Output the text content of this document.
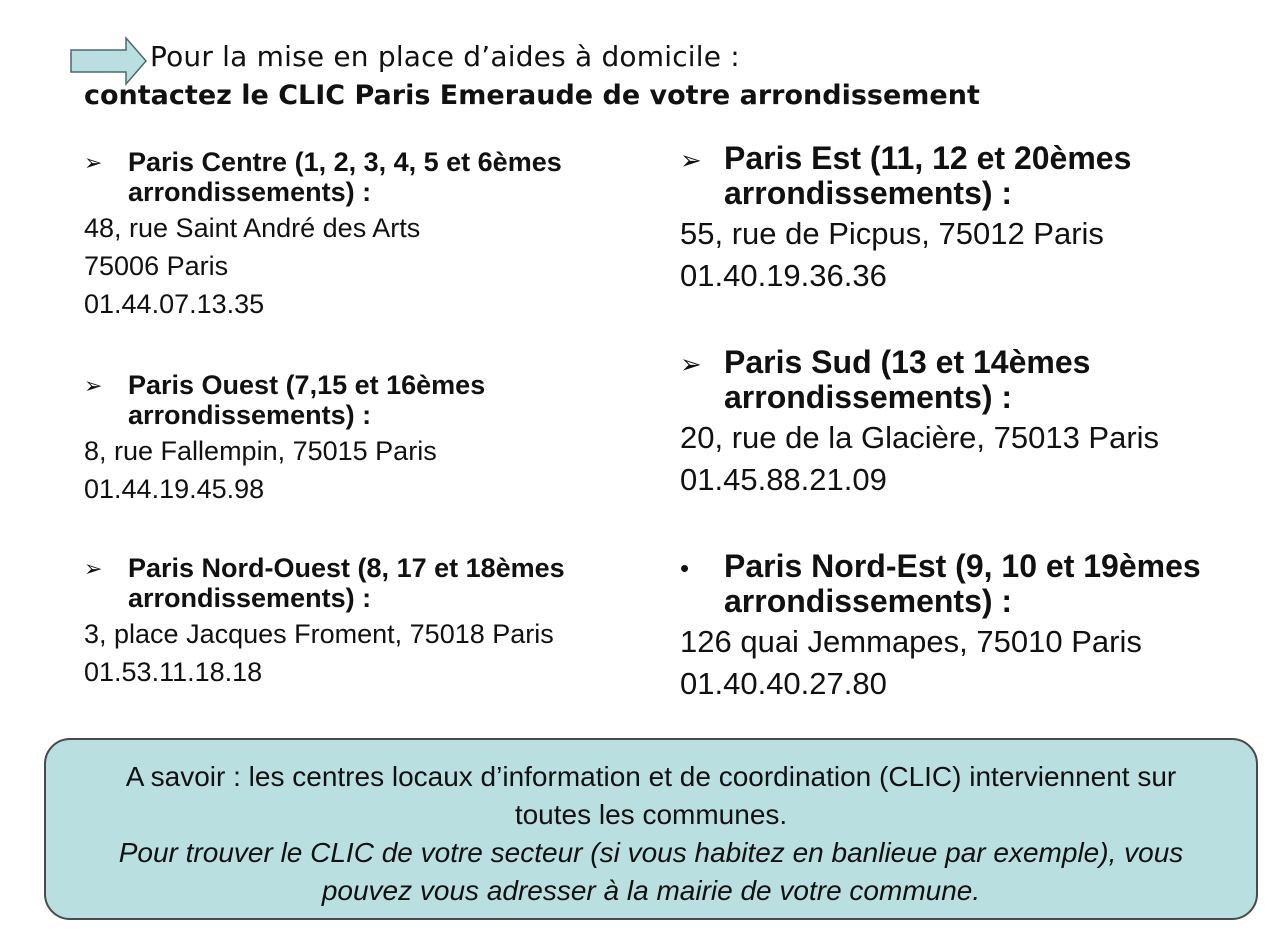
Pour la mise en place d’aides à domicile :
contactez le CLIC Paris Emeraude de votre arrondissement
➢ Paris Centre (1, 2, 3, 4, 5 et 6èmes
arrondissements) :
48, rue Saint André des Arts
75006 Paris
01.44.07.13.35
➢ Paris Ouest (7,15 et 16èmes
arrondissements) :
8, rue Fallempin, 75015 Paris
01.44.19.45.98
➢ Paris Nord-Ouest (8, 17 et 18èmes
arrondissements) :
3, place Jacques Froment, 75018 Paris
01.53.11.18.18
➢ Paris Est (11, 12 et 20èmes
arrondissements) :
55, rue de Picpus, 75012 Paris
01.40.19.36.36
➢ Paris Sud (13 et 14èmes
arrondissements) :
20, rue de la Glacière, 75013 Paris
01.45.88.21.09
• Paris Nord-Est (9, 10 et 19èmes
arrondissements) :
126 quai Jemmapes, 75010 Paris
01.40.40.27.80
A savoir : les centres locaux d’information et de coordination (CLIC) interviennent sur
toutes les communes.
Pour trouver le CLIC de votre secteur (si vous habitez en banlieue par exemple), vous
pouvez vous adresser à la mairie de votre commune.
